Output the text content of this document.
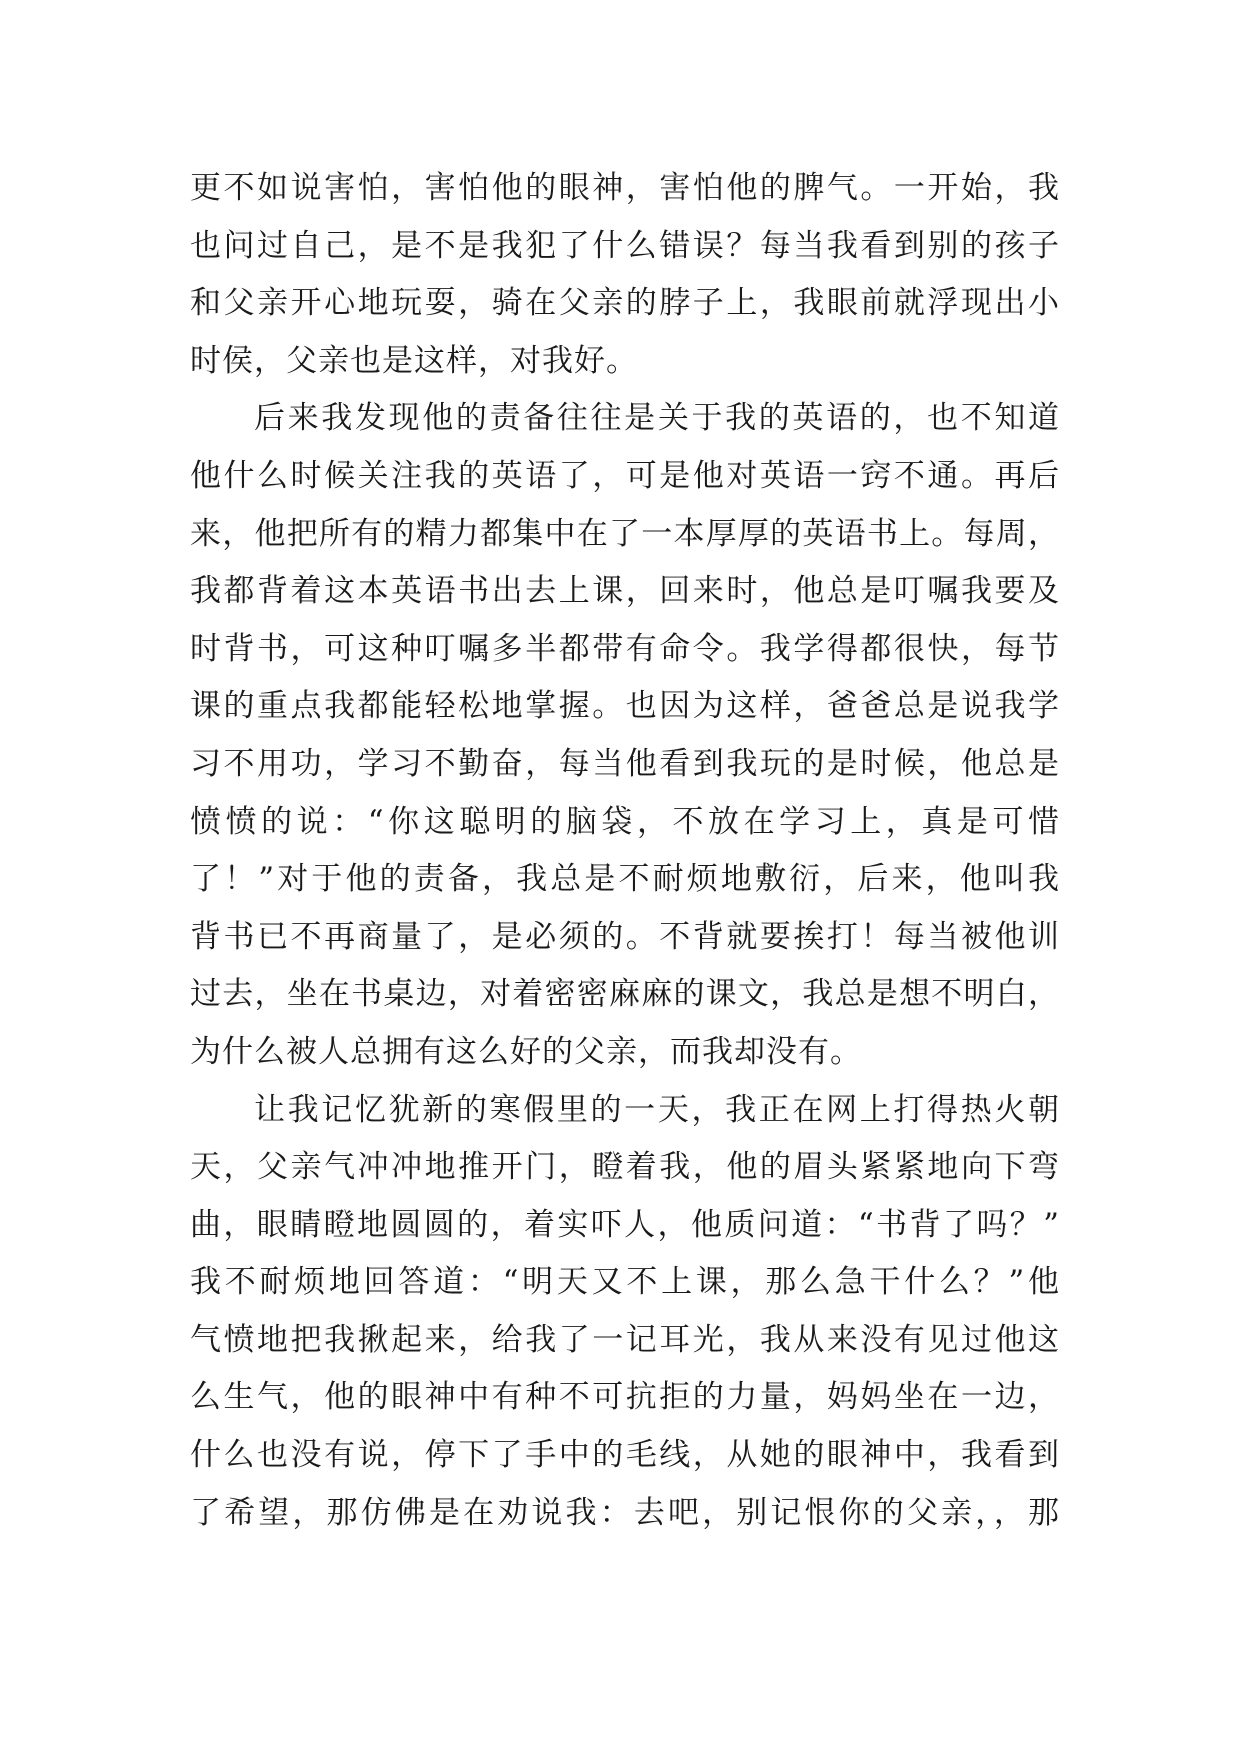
更不如说害怕，害怕他的眼神，害怕他的脾气。一开始，我
也问过自己，是不是我犯了什么错误？每当我看到别的孩子
和父亲开心地玩耍，骑在父亲的脖子上，我眼前就浮现出小
时侯，父亲也是这样，对我好。
后来我发现他的责备往往是关于我的英语的，也不知道
他什么时候关注我的英语了，可是他对英语一窍不通。再后
来，他把所有的精力都集中在了一本厚厚的英语书上。每周，
我都背着这本英语书出去上课，回来时，他总是叮嘱我要及
时背书，可这种叮嘱多半都带有命令。我学得都很快，每节
课的重点我都能轻松地掌握。也因为这样，爸爸总是说我学
习不用功，学习不勤奋，每当他看到我玩的是时候，他总是
愤愤的说：“你这聪明的脑袋，不放在学习上，真是可惜
了！”对于他的责备，我总是不耐烦地敷衍，后来，他叫我
背书已不再商量了，是必须的。不背就要挨打！每当被他训
过去，坐在书桌边，对着密密麻麻的课文，我总是想不明白，
为什么被人总拥有这么好的父亲，而我却没有。
让我记忆犹新的寒假里的一天，我正在网上打得热火朝
天，父亲气冲冲地推开门，瞪着我，他的眉头紧紧地向下弯
曲，眼睛瞪地圆圆的，着实吓人，他质问道：“书背了吗？”
我不耐烦地回答道：“明天又不上课，那么急干什么？”他
气愤地把我揪起来，给我了一记耳光，我从来没有见过他这
么生气，他的眼神中有种不可抗拒的力量，妈妈坐在一边，
什么也没有说，停下了手中的毛线，从她的眼神中，我看到
了希望，那仿佛是在劝说我：去吧，别记恨你的父亲，，那
